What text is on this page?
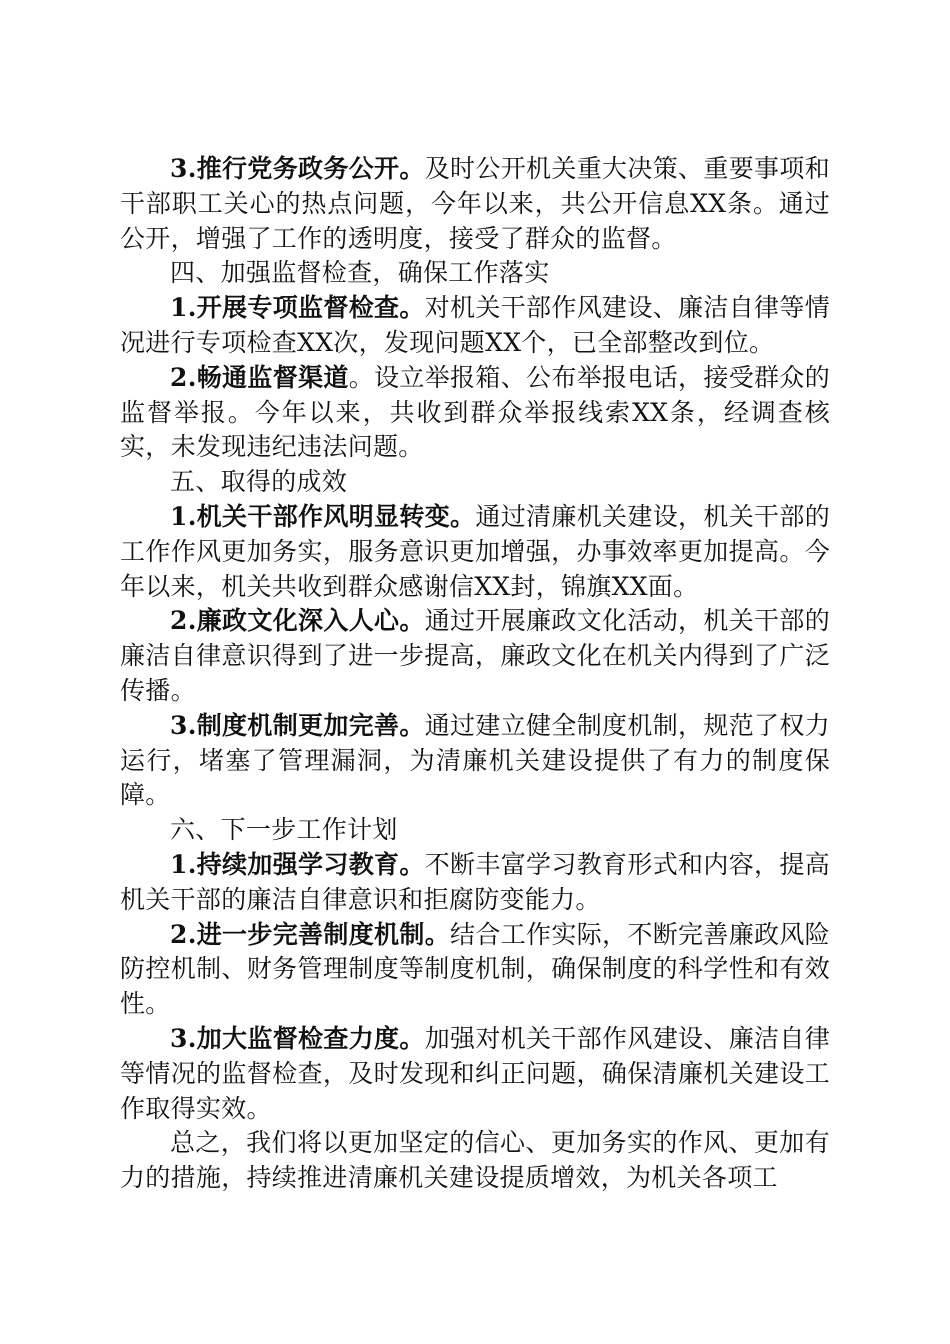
3.推行党务政务公开。及时公开机关重大决策、重要事项和干部职工关心的热点问题，今年以来，共公开信息XX条。通过公开，增强了工作的透明度，接受了群众的监督。

四、加强监督检查，确保工作落实

1.开展专项监督检查。对机关干部作风建设、廉洁自律等情况进行专项检查XX次，发现问题XX个，已全部整改到位。

2.畅通监督渠道。设立举报箱、公布举报电话，接受群众的监督举报。今年以来，共收到群众举报线索XX条，经调查核实，未发现违纪违法问题。

五、取得的成效

1.机关干部作风明显转变。通过清廉机关建设，机关干部的工作作风更加务实，服务意识更加增强，办事效率更加提高。今年以来，机关共收到群众感谢信XX封，锦旗XX面。

2.廉政文化深入人心。通过开展廉政文化活动，机关干部的廉洁自律意识得到了进一步提高，廉政文化在机关内得到了广泛传播。

3.制度机制更加完善。通过建立健全制度机制，规范了权力运行，堵塞了管理漏洞，为清廉机关建设提供了有力的制度保障。

六、下一步工作计划

1.持续加强学习教育。不断丰富学习教育形式和内容，提高机关干部的廉洁自律意识和拒腐防变能力。

2.进一步完善制度机制。结合工作实际，不断完善廉政风险防控机制、财务管理制度等制度机制，确保制度的科学性和有效性。

3.加大监督检查力度。加强对机关干部作风建设、廉洁自律等情况的监督检查，及时发现和纠正问题，确保清廉机关建设工作取得实效。

总之，我们将以更加坚定的信心、更加务实的作风、更加有力的措施，持续推进清廉机关建设提质增效，为机关各项工
